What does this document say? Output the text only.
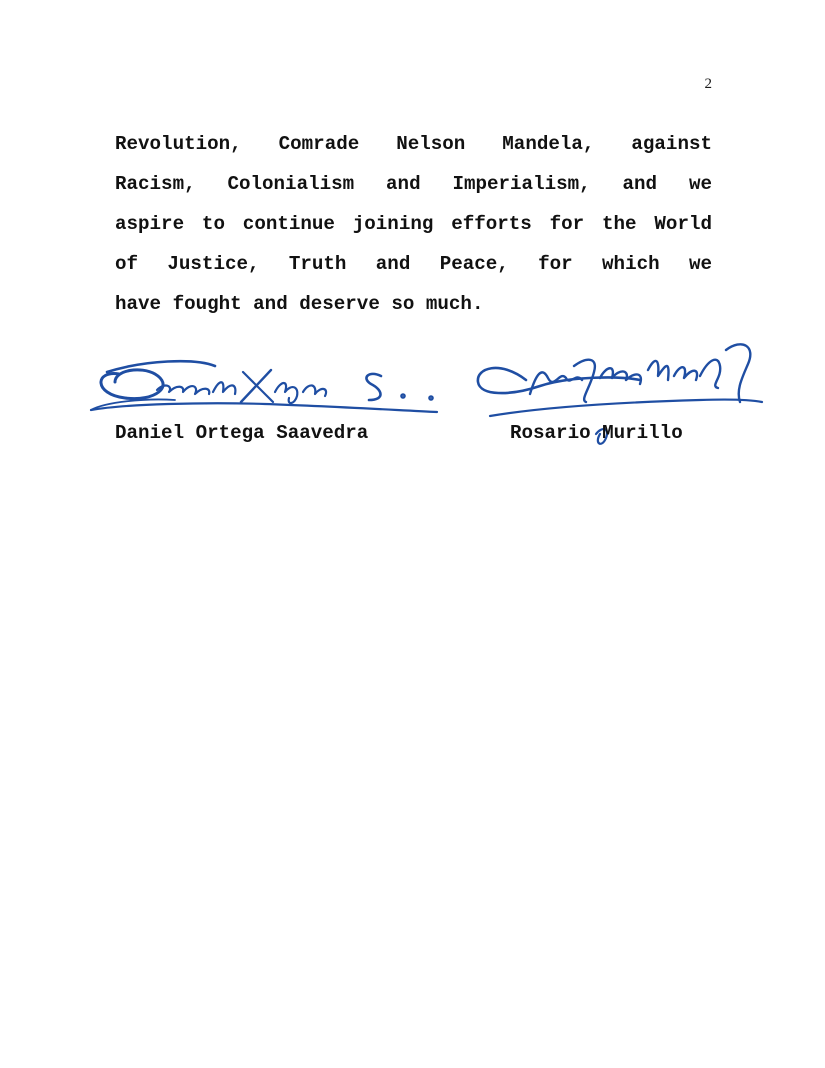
2
Revolution, Comrade Nelson Mandela, against
Racism, Colonialism and Imperialism, and we
aspire to continue joining efforts for the World
of Justice, Truth and Peace, for which we
have fought and deserve so much.
Daniel Ortega Saavedra	Rosario Murillo
